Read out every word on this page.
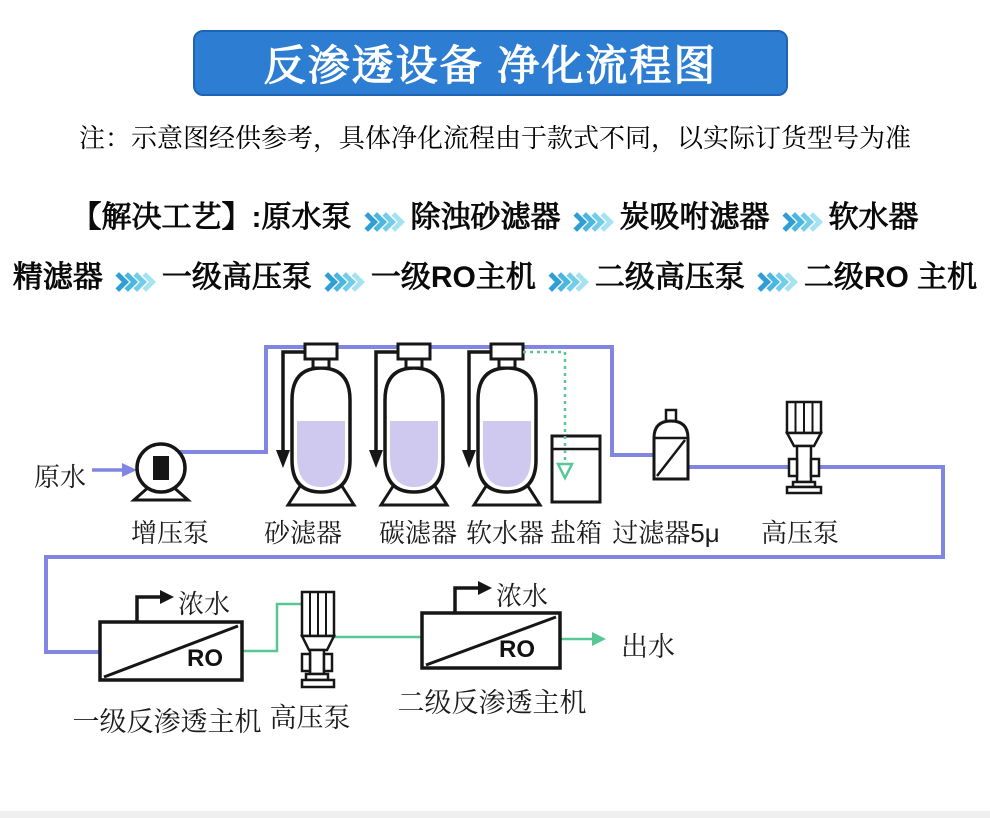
反渗透设备 净化流程图
注：示意图经供参考，具体净化流程由于款式不同，以实际订货型号为准
【解决工艺】:原水泵 除浊砂滤器 炭吸咐滤器 软水器
精滤器 一级高压泵 一级RO主机 二级高压泵 二级RO 主机
原水
增压泵 砂滤器 碳滤器 软水器 盐箱 过滤器5μ 高压泵
浓水	浓水
RO	RO	出水
一级反渗透主机 高压泵 二级反渗透主机
